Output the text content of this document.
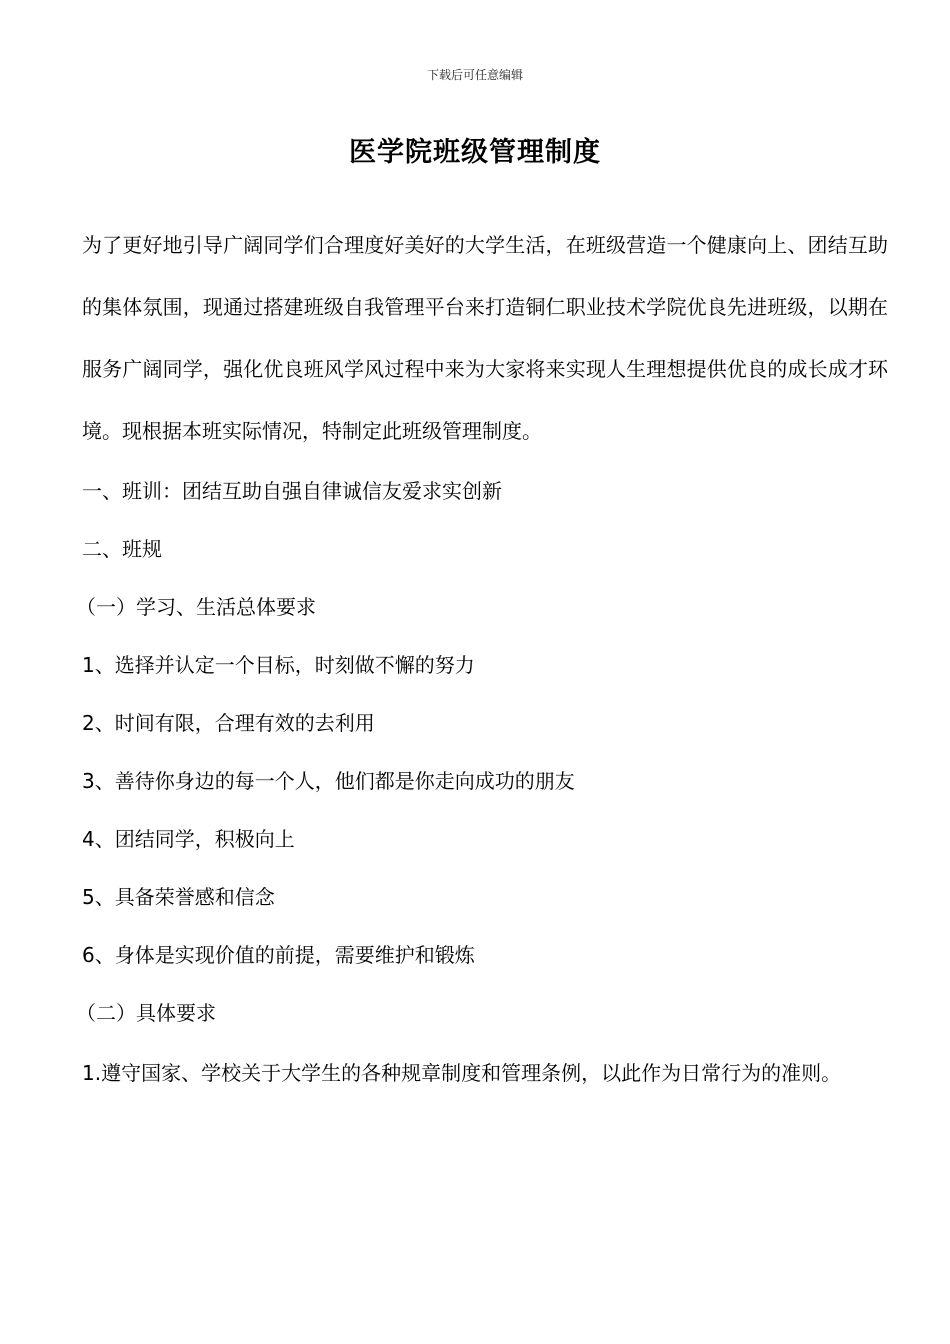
下载后可任意编辑
医学院班级管理制度

为了更好地引导广阔同学们合理度好美好的大学生活，在班级营造一个健康向上、团结互助的集体氛围，现通过搭建班级自我管理平台来打造铜仁职业技术学院优良先进班级，以期在服务广阔同学，强化优良班风学风过程中来为大家将来实现人生理想提供优良的成长成才环境。现根据本班实际情况，特制定此班级管理制度。

一、班训：团结互助自强自律诚信友爱求实创新

二、班规

（一）学习、生活总体要求

1、选择并认定一个目标，时刻做不懈的努力

2、时间有限，合理有效的去利用

3、善待你身边的每一个人，他们都是你走向成功的朋友

4、团结同学，积极向上

5、具备荣誉感和信念

6、身体是实现价值的前提，需要维护和锻炼

（二）具体要求

1.遵守国家、学校关于大学生的各种规章制度和管理条例，以此作为日常行为的准则。
